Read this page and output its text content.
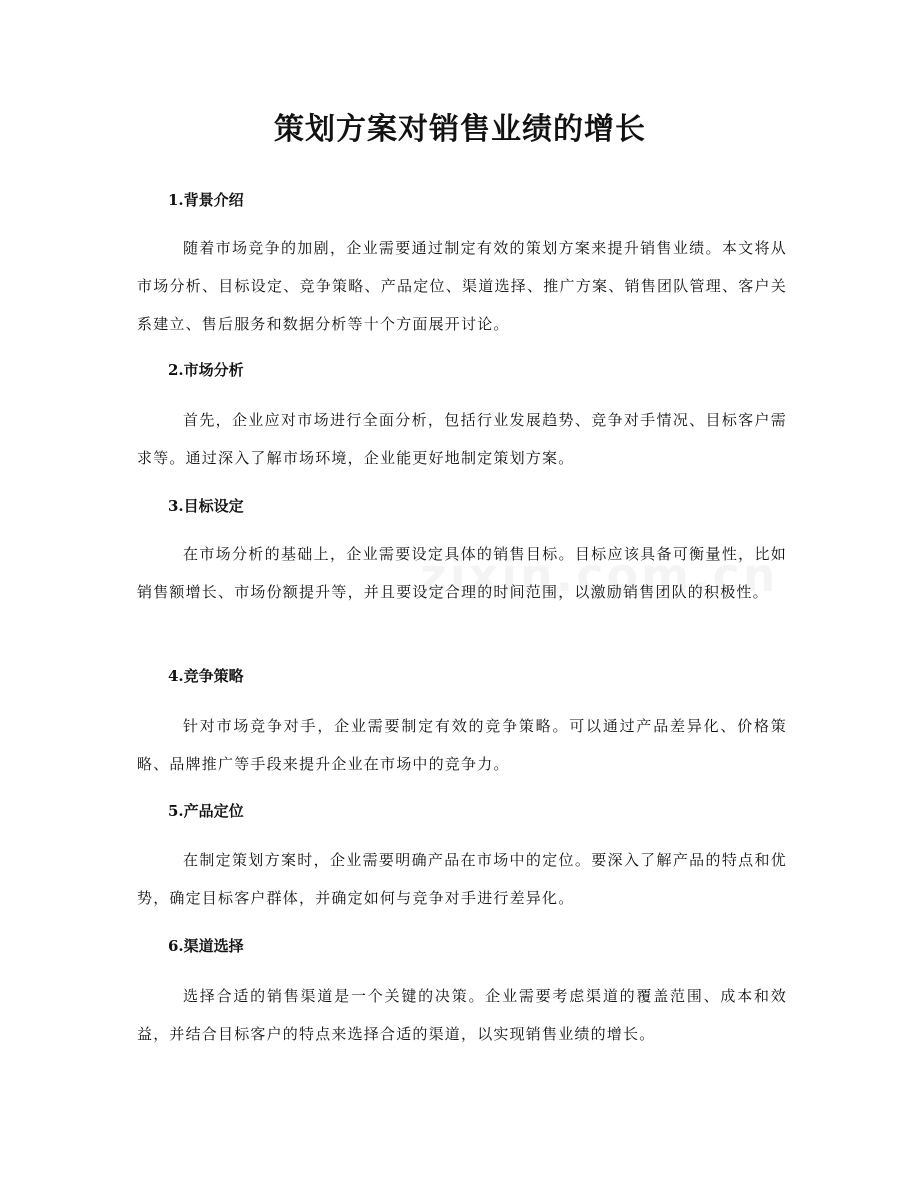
策划方案对销售业绩的增长
1.背景介绍

随着市场竞争的加剧，企业需要通过制定有效的策划方案来提升销售业绩。本文将从市场分析、目标设定、竞争策略、产品定位、渠道选择、推广方案、销售团队管理、客户关系建立、售后服务和数据分析等十个方面展开讨论。

2.市场分析

首先，企业应对市场进行全面分析，包括行业发展趋势、竞争对手情况、目标客户需求等。通过深入了解市场环境，企业能更好地制定策划方案。

3.目标设定

在市场分析的基础上，企业需要设定具体的销售目标。目标应该具备可衡量性，比如销售额增长、市场份额提升等，并且要设定合理的时间范围，以激励销售团队的积极性。

4.竞争策略

针对市场竞争对手，企业需要制定有效的竞争策略。可以通过产品差异化、价格策略、品牌推广等手段来提升企业在市场中的竞争力。

5.产品定位

在制定策划方案时，企业需要明确产品在市场中的定位。要深入了解产品的特点和优势，确定目标客户群体，并确定如何与竞争对手进行差异化。

6.渠道选择

选择合适的销售渠道是一个关键的决策。企业需要考虑渠道的覆盖范围、成本和效益，并结合目标客户的特点来选择合适的渠道，以实现销售业绩的增长。
